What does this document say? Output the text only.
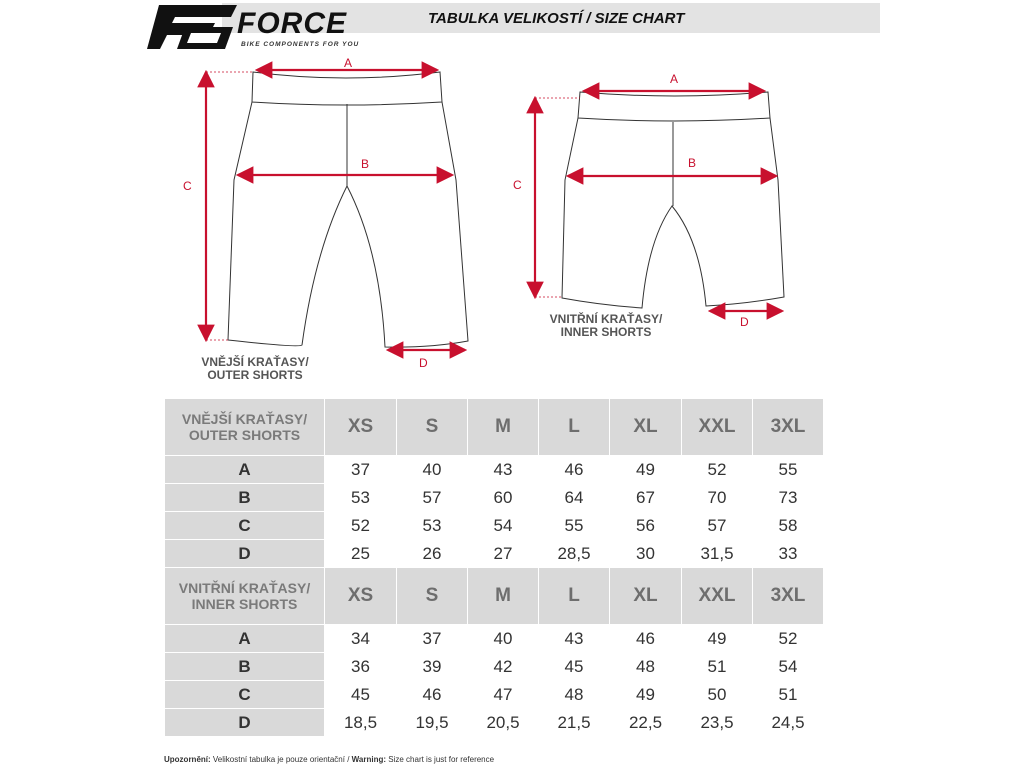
FORCE
BIKE COMPONENTS FOR YOU
TABULKA VELIKOSTÍ / SIZE CHART
A
B
C
D
A
B
C
D
VNĚJŠÍ KRAŤASY/
OUTER SHORTS
VNITŘNÍ KRAŤASY/
INNER SHORTS
VNĚJŠÍ KRAŤASY/
OUTER SHORTS	XS	S	M	L	XL	XXL	3XL
A	37	40	43	46	49	52	55
B	53	57	60	64	67	70	73
C	52	53	54	55	56	57	58
D	25	26	27	28,5	30	31,5	33

VNITŘNÍ KRAŤASY/
INNER SHORTS	XS	S	M	L	XL	XXL	3XL
A	34	37	40	43	46	49	52
B	36	39	42	45	48	51	54
C	45	46	47	48	49	50	51
D	18,5	19,5	20,5	21,5	22,5	23,5	24,5
Upozornění: Velikostní tabulka je pouze orientační / Warning: Size chart is just for reference
